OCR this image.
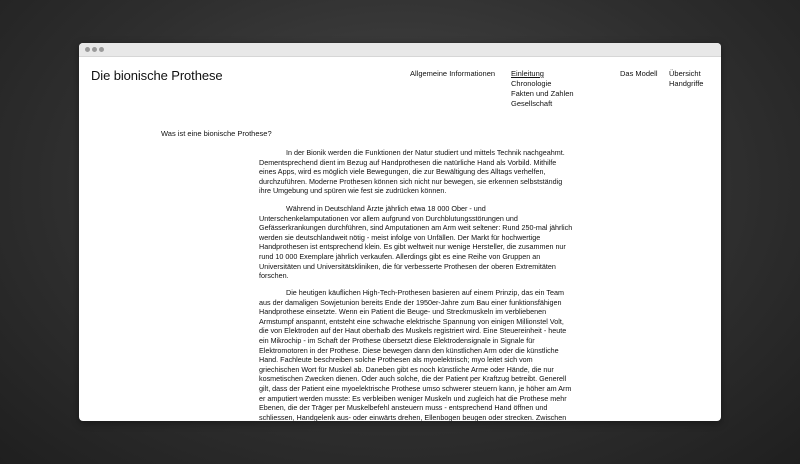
Die bionische Prothese	Allgemeine Informationen Einleitung
Chronologie
Fakten und Zahlen
Gesellschaft
Das Modell Übersicht
Handgriffe
Was ist eine bionische Prothese?

In der Bionik werden die Funktionen der Natur studiert und mittels Technik nachgeahmt. Dementsprechend dient im Bezug auf Handprothesen die natürliche Hand als Vorbild. Mithilfe eines Apps, wird es möglich viele Bewegungen, die zur Bewältigung des Alltags verhelfen, durchzuführen. Moderne Prothesen können sich nicht nur bewegen, sie erkennen selbstständig ihre Umgebung und spüren wie fest sie zudrücken können.

Während in Deutschland Ärzte jährlich etwa 18 000 Ober - und Unterschenkelamputationen vor allem aufgrund von Durchblutungsstörungen und Gefässerkrankungen durchführen, sind Amputationen am Arm weit seltener: Rund 250-mal jährlich werden sie deutschlandweit nötig - meist infolge von Unfällen. Der Markt für hochwertige Handprothesen ist entsprechend klein. Es gibt weltweit nur wenige Hersteller, die zusammen nur rund 10 000 Exemplare jährlich verkaufen. Allerdings gibt es eine Reihe von Gruppen an Universitäten und Universitätskliniken, die für verbesserte Prothesen der oberen Extremitäten forschen.

Die heutigen käuflichen High-Tech-Prothesen basieren auf einem Prinzip, das ein Team aus der damaligen Sowjetunion bereits Ende der 1950er-Jahre zum Bau einer funktionsfähigen Handprothese einsetzte. Wenn ein Patient die Beuge- und Streckmuskeln im verbliebenen Armstumpf anspannt, entsteht eine schwache elektrische Spannung von einigen Millionstel Volt, die von Elektroden auf der Haut oberhalb des Muskels registriert wird. Eine Steuereinheit - heute ein Mikrochip - im Schaft der Prothese übersetzt diese Elektrodensignale in Signale für Elektromotoren in der Prothese. Diese bewegen dann den künstlichen Arm oder die künstliche Hand. Fachleute beschreiben solche Prothesen als myoelektrisch; myo leitet sich vom griechischen Wort für Muskel ab. Daneben gibt es noch künstliche Arme oder Hände, die nur kosmetischen Zwecken dienen. Oder auch solche, die der Patient per Kraftzug betreibt. Generell gilt, dass der Patient eine myoelektrische Prothese umso schwerer steuern kann, je höher am Arm er amputiert werden musste: Es verbleiben weniger Muskeln und zugleich hat die Prothese mehr Ebenen, die der Träger per Muskelbefehl ansteuern muss - entsprechend Hand öffnen und schliessen, Handgelenk aus- oder einwärts drehen, Ellenbogen beugen oder strecken. Zwischen
